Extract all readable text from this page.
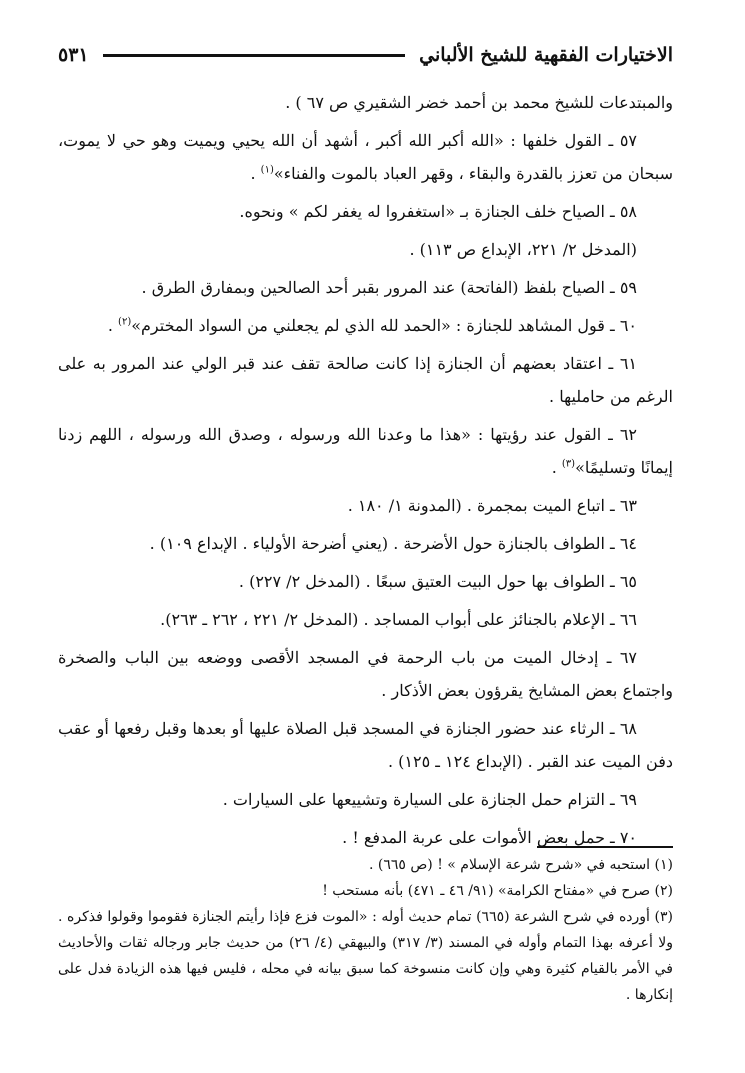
الاختيارات الفقهية للشيخ الألباني
٥٣١

والمبتدعات للشيخ محمد بن أحمد خضر الشقيري ص ٦٧ ) .

٥٧ ـ القول خلفها : «الله أكبر الله أكبر ، أشهد أن الله يحيي ويميت وهو حي لا يموت، سبحان من تعزز بالقدرة والبقاء ، وقهر العباد بالموت والفناء»$^{(١)}$ .

٥٨ ـ الصياح خلف الجنازة بـ «استغفروا له يغفر لكم » ونحوه.

(المدخل ٢/ ٢٢١، الإبداع ص ١١٣) .

٥٩ ـ الصياح بلفظ (الفاتحة) عند المرور بقبر أحد الصالحين وبمفارق الطرق .

٦٠ ـ قول المشاهد للجنازة : «الحمد لله الذي لم يجعلني من السواد المخترم»$^{(٢)}$ .

٦١ ـ اعتقاد بعضهم أن الجنازة إذا كانت صالحة تقف عند قبر الولي عند المرور به على الرغم من حامليها .

٦٢ ـ القول عند رؤيتها : «هذا ما وعدنا الله ورسوله ، وصدق الله ورسوله ، اللهم زدنا إيمانًا وتسليمًا»$^{(٣)}$ .

٦٣ ـ اتباع الميت بمجمرة . (المدونة ١/ ١٨٠ .

٦٤ ـ الطواف بالجنازة حول الأضرحة . (يعني أضرحة الأولياء . الإبداع ١٠٩) .

٦٥ ـ الطواف بها حول البيت العتيق سبعًا . (المدخل ٢/ ٢٢٧) .

٦٦ ـ الإعلام بالجنائز على أبواب المساجد . (المدخل ٢/ ٢٢١ ، ٢٦٢ ـ ٢٦٣).

٦٧ ـ إدخال الميت من باب الرحمة في المسجد الأقصى ووضعه بين الباب والصخرة واجتماع بعض المشايخ يقرؤون بعض الأذكار .

٦٨ ـ الرثاء عند حضور الجنازة في المسجد قبل الصلاة عليها أو بعدها وقبل رفعها أو عقب دفن الميت عند القبر . (الإبداع ١٢٤ ـ ١٢٥) .

٦٩ ـ التزام حمل الجنازة على السيارة وتشييعها على السيارات .

٧٠ ـ حمل بعض الأموات على عربة المدفع ! .

(١) استحبه في «شرح شرعة الإسلام » ! (ص ٦٦٥) .

(٢) صرح في «مفتاح الكرامة» (٩١/ ٤٦ ـ ٤٧١) بأنه مستحب !

(٣) أورده في شرح الشرعة (٦٦٥) تمام حديث أوله : «الموت فزع فإذا رأيتم الجنازة فقوموا وقولوا فذكره . ولا أعرفه بهذا التمام وأوله في المسند (٣/ ٣١٧) والبيهقي (٤/ ٢٦) من حديث جابر ورجاله ثقات والأحاديث في الأمر بالقيام كثيرة وهي وإن كانت منسوخة كما سبق بيانه في محله ، فليس فيها هذه الزيادة فدل على إنكارها .
